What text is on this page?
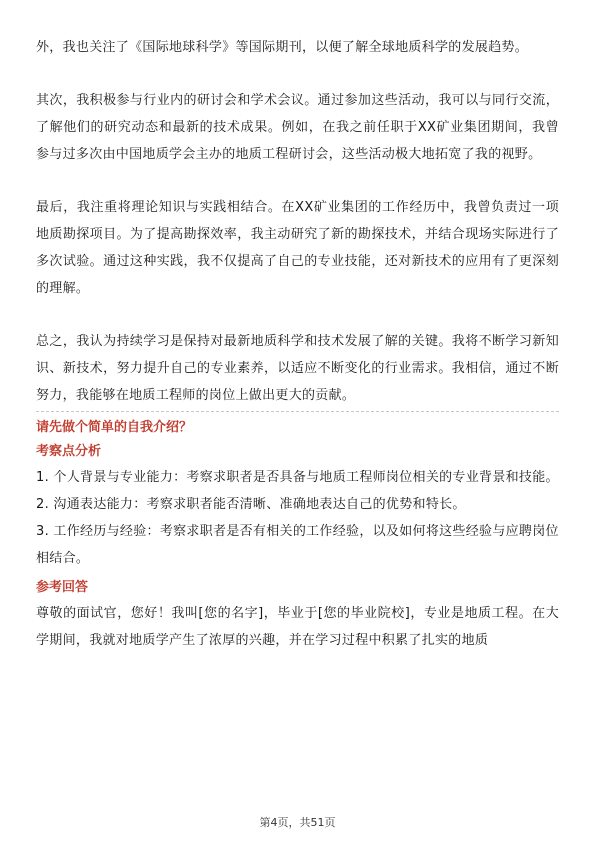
外，我也关注了《国际地球科学》等国际期刊，以便了解全球地质科学的发展趋势。

其次，我积极参与行业内的研讨会和学术会议。通过参加这些活动，我可以与同行交流，了解他们的研究动态和最新的技术成果。例如，在我之前任职于XX矿业集团期间，我曾参与过多次由中国地质学会主办的地质工程研讨会，这些活动极大地拓宽了我的视野。

最后，我注重将理论知识与实践相结合。在XX矿业集团的工作经历中，我曾负责过一项地质勘探项目。为了提高勘探效率，我主动研究了新的勘探技术，并结合现场实际进行了多次试验。通过这种实践，我不仅提高了自己的专业技能，还对新技术的应用有了更深刻的理解。

总之，我认为持续学习是保持对最新地质科学和技术发展了解的关键。我将不断学习新知识、新技术，努力提升自己的专业素养，以适应不断变化的行业需求。我相信，通过不断努力，我能够在地质工程师的岗位上做出更大的贡献。

请先做个简单的自我介绍？

考察点分析

1. 个人背景与专业能力：考察求职者是否具备与地质工程师岗位相关的专业背景和技能。

2. 沟通表达能力：考察求职者能否清晰、准确地表达自己的优势和特长。

3. 工作经历与经验：考察求职者是否有相关的工作经验，以及如何将这些经验与应聘岗位相结合。

参考回答

尊敬的面试官，您好！我叫[您的名字]，毕业于[您的毕业院校]，专业是地质工程。在大学期间，我就对地质学产生了浓厚的兴趣，并在学习过程中积累了扎实的地质

第4页，共51页
